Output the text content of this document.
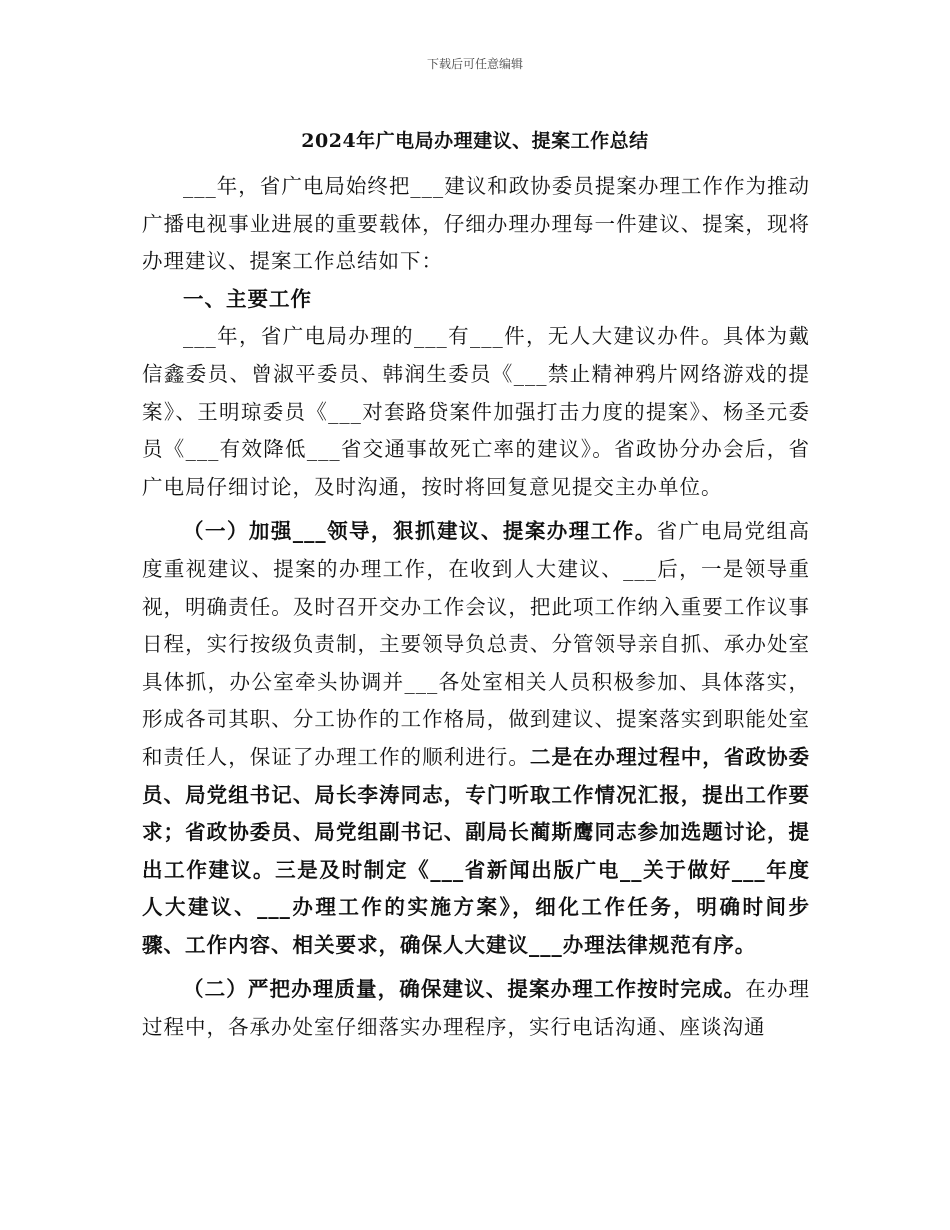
下载后可任意编辑
2024年广电局办理建议、提案工作总结

___年，省广电局始终把___建议和政协委员提案办理工作作为推动广播电视事业进展的重要载体，仔细办理办理每一件建议、提案，现将办理建议、提案工作总结如下：

一、主要工作

___年，省广电局办理的___有___件，无人大建议办件。具体为戴信鑫委员、曾淑平委员、韩润生委员《___禁止精神鸦片网络游戏的提案》、王明琼委员《___对套路贷案件加强打击力度的提案》、杨圣元委员《___有效降低___省交通事故死亡率的建议》。省政协分办会后，省广电局仔细讨论，及时沟通，按时将回复意见提交主办单位。

（一）加强___领导，狠抓建议、提案办理工作。省广电局党组高度重视建议、提案的办理工作，在收到人大建议、___后，一是领导重视，明确责任。及时召开交办工作会议，把此项工作纳入重要工作议事日程，实行按级负责制，主要领导负总责、分管领导亲自抓、承办处室具体抓，办公室牵头协调并___各处室相关人员积极参加、具体落实，形成各司其职、分工协作的工作格局，做到建议、提案落实到职能处室和责任人，保证了办理工作的顺利进行。二是在办理过程中，省政协委员、局党组书记、局长李涛同志，专门听取工作情况汇报，提出工作要求；省政协委员、局党组副书记、副局长蔺斯鹰同志参加选题讨论，提出工作建议。三是及时制定《___省新闻出版广电__关于做好___年度人大建议、___办理工作的实施方案》，细化工作任务，明确时间步骤、工作内容、相关要求，确保人大建议___办理法律规范有序。

（二）严把办理质量，确保建议、提案办理工作按时完成。在办理过程中，各承办处室仔细落实办理程序，实行电话沟通、座谈沟通
